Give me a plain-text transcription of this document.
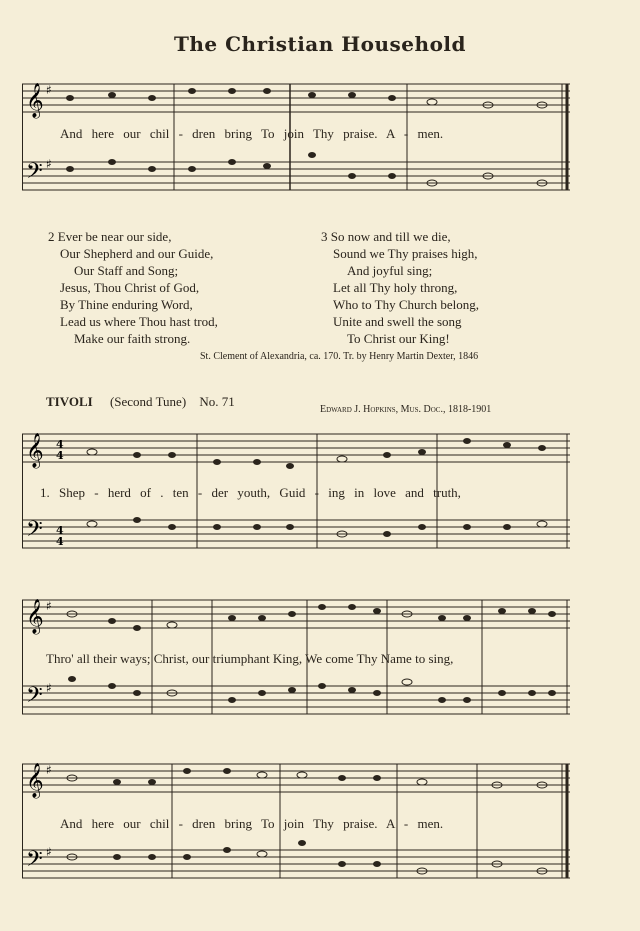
The Christian Household
𝄞
𝄢
♯
♯
And here our chil - dren bring To join Thy praise. A - men.
2 Ever be near our side,
Our Shepherd and our Guide,
Our Staff and Song;
Jesus, Thou Christ of God,
By Thine enduring Word,
Lead us where Thou hast trod,
Make our faith strong.
3 So now and till we die,
Sound we Thy praises high,
And joyful sing;
Let all Thy holy throng,
Who to Thy Church belong,
Unite and swell the song
To Christ our King!
St. Clement of Alexandria, ca. 170. Tr. by Henry Martin Dexter, 1846
TIVOLI (Second Tune) No. 71
Edward J. Hopkins, Mus. Doc., 1818-1901
𝄞
𝄢
4
4
4
4
1. Shep - herd of . ten - der youth, Guid - ing in love and truth,
𝄞
𝄢
♯
♯
Thro' all their ways; Christ, our triumphant King, We come Thy Name to sing,
𝄞
𝄢
♯
♯
And here our chil - dren bring To join Thy praise. A - men.
